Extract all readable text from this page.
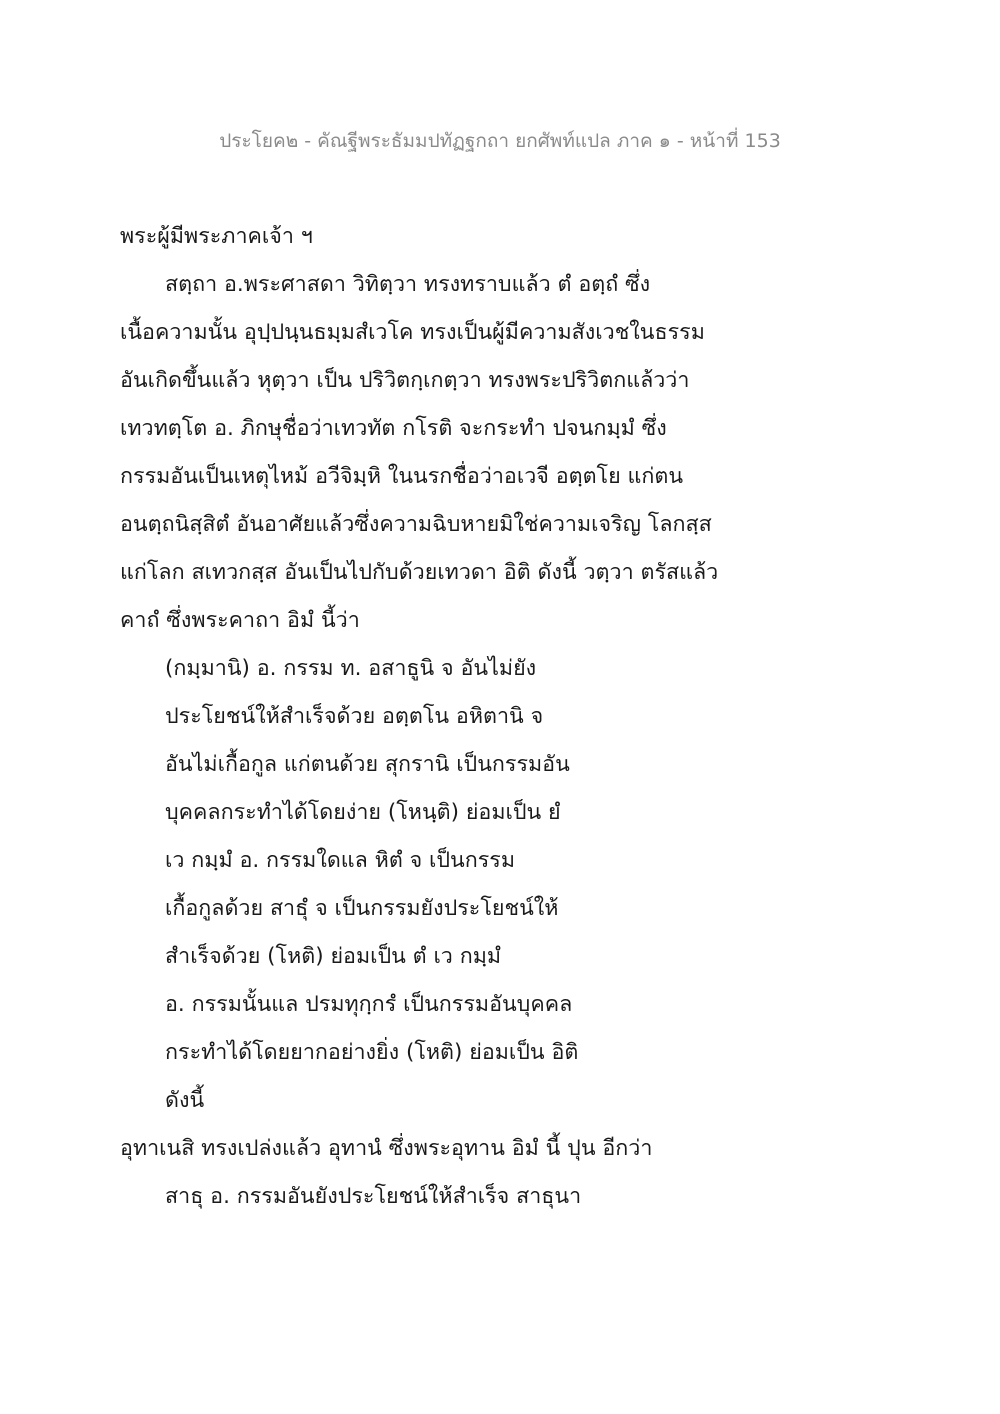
ประโยค๒ - คัณฐีพระธัมมปทัฏฐกถา ยกศัพท์แปล ภาค ๑ - หน้าที่ 153
พระผู้มีพระภาคเจ้า ฯ
สตฺถา อ.พระศาสดา วิทิตฺวา ทรงทราบแล้ว ตํ อตฺถํ ซึ่ง
เนื้อความนั้น อุปฺปนฺนธมฺมสํเวโค ทรงเป็นผู้มีความสังเวชในธรรม
อันเกิดขึ้นแล้ว หุตฺวา เป็น ปริวิตกฺเกตฺวา ทรงพระปริวิตกแล้วว่า
เทวทตฺโต อ. ภิกษุชื่อว่าเทวทัต กโรติ จะกระทำ ปจนกมฺมํ ซึ่ง
กรรมอันเป็นเหตุไหม้ อวีจิมฺหิ ในนรกชื่อว่าอเวจี อตฺตโย แก่ตน
อนตฺถนิสฺสิตํ อันอาศัยแล้วซึ่งความฉิบหายมิใช่ความเจริญ โลกสฺส
แก่โลก สเทวกสฺส อันเป็นไปกับด้วยเทวดา อิติ ดังนี้ วตฺวา ตรัสแล้ว
คาถํ ซึ่งพระคาถา อิมํ นี้ว่า
(กมฺมานิ) อ. กรรม ท. อสาธูนิ จ อันไม่ยัง
ประโยชน์ให้สำเร็จด้วย อตฺตโน อหิตานิ จ
อันไม่เกื้อกูล แก่ตนด้วย สุกรานิ เป็นกรรมอัน
บุคคลกระทำได้โดยง่าย (โหนฺติ) ย่อมเป็น ยํ
เว กมฺมํ อ. กรรมใดแล หิตํ จ เป็นกรรม
เกื้อกูลด้วย สาธุํ จ เป็นกรรมยังประโยชน์ให้
สำเร็จด้วย (โหติ) ย่อมเป็น ตํ เว กมฺมํ
อ. กรรมนั้นแล ปรมทุกฺกรํ เป็นกรรมอันบุคคล
กระทำได้โดยยากอย่างยิ่ง (โหติ) ย่อมเป็น อิติ
ดังนี้
อุทาเนสิ ทรงเปล่งแล้ว อุทานํ ซึ่งพระอุทาน อิมํ นี้ ปุน อีกว่า
สาธุ อ. กรรมอันยังประโยชน์ให้สำเร็จ สาธุนา
